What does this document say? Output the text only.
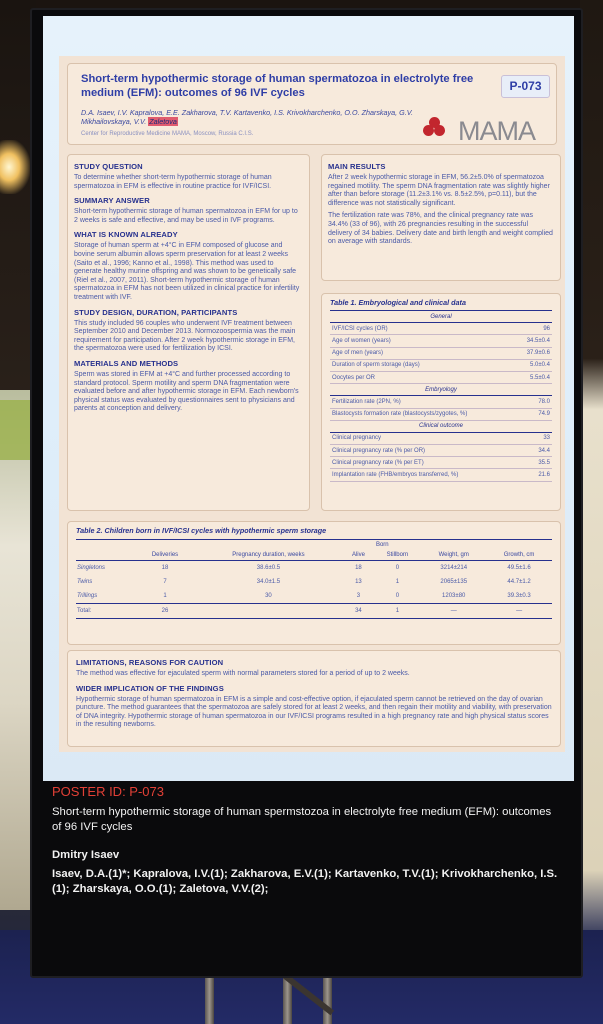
Short-term hypothermic storage of human spermatozoa in electrolyte free medium (EFM): outcomes of 96 IVF cycles
D.A. Isaev, I.V. Kapralova, E.E. Zakharova, T.V. Kartavenko, I.S. Krivokharchenko, O.O. Zharskaya, G.V. Mikhailovskaya, V.V. Zaletova
Center for Reproductive Medicine MAMA, Moscow, Russia C.I.S.
P-073
MAMA
STUDY QUESTION
To determine whether short-term hypothermic storage of human spermatozoa in EFM is effective in routine practice for IVF/ICSI.
SUMMARY ANSWER
Short-term hypothermic storage of human spermatozoa in EFM for up to 2 weeks is safe and effective, and may be used in IVF programs.
WHAT IS KNOWN ALREADY
Storage of human sperm at +4°C in EFM composed of glucose and bovine serum albumin allows sperm preservation for at least 2 weeks (Saito et al., 1996; Kanno et al., 1998). This method was used to generate healthy murine offspring and was shown to be genetically safe (Riel et al., 2007, 2011). Short-term hypothermic storage of human spermatozoa in EFM has not been utilized in clinical practice for infertility treatment with IVF.
STUDY DESIGN, DURATION, PARTICIPANTS
This study included 96 couples who underwent IVF treatment between September 2010 and December 2013. Normozoospermia was the main requirement for participation. After 2 week hypothermic storage in EFM, the spermatozoa were used for fertilization by ICSI.
MATERIALS AND METHODS
Sperm was stored in EFM at +4°C and further processed according to standard protocol. Sperm motility and sperm DNA fragmentation were evaluated before and after hypothermic storage in EFM. Each newborn's physical status was evaluated by questionnaires sent to physicians and parents at conception and delivery.
MAIN RESULTS
After 2 week hypothermic storage in EFM, 56.2±5.0% of spermatozoa regained motility. The sperm DNA fragmentation rate was slightly higher after than before storage (11.2±3.1% vs. 8.5±2.5%, p=0.11), but the difference was not statistically significant.
The fertilization rate was 78%, and the clinical pregnancy rate was 34.4% (33 of 96), with 26 pregnancies resulting in the successful delivery of 34 babies. Delivery date and birth length and weight complied on average with standards.
Table 1. Embryological and clinical data
General	
IVF/ICSI cycles (OR)	96
Age of women (years)	34.5±0.4
Age of men (years)	37.9±0.6
Duration of sperm storage (days)	5.0±0.4
Oocytes per OR	5.5±0.4
Embryology	
Fertilization rate (2PN, %)	78.0
Blastocysts formation rate (blastocysts/zygotes, %)	74.9
Clinical outcome	
Clinical pregnancy	33
Clinical pregnancy rate (% per OR)	34.4
Clinical pregnancy rate (% per ET)	35.5
Implantation rate (FHB/embryos transferred, %)	21.6
Table 2. Children born in IVF/ICSI cycles with hypothermic sperm storage
			Born			
	Deliveries	Pregnancy duration, weeks	Alive	Stillborn	Weight, gm	Growth, cm
Singletons	18	38.6±0.5	18	0	3214±214	49.5±1.6
Twins	7	34.0±1.5	13	1	2065±135	44.7±1.2
Trillings	1	30	3	0	1203±80	39.3±0.3
Total:	26		34	1	—	—
LIMITATIONS, REASONS FOR CAUTION
The method was effective for ejaculated sperm with normal parameters stored for a period of up to 2 weeks.
WIDER IMPLICATION OF THE FINDINGS
Hypothermic storage of human spermatozoa in EFM is a simple and cost-effective option, if ejaculated sperm cannot be retrieved on the day of ovarian puncture. The method guarantees that the spermatozoa are safely stored for at least 2 weeks, and then regain their motility and viability, with preservation of DNA integrity. Hypothermic storage of human spermatozoa in our IVF/ICSI programs resulted in a high pregnancy rate and high physical status scores in the resulting newborns.
POSTER ID: P-073
Short-term hypothermic storage of human spermstozoa in electrolyte free medium (EFM): outcomes of 96 IVF cycles
Dmitry Isaev
Isaev, D.A.(1)*; Kapralova, I.V.(1); Zakharova, E.V.(1); Kartavenko, T.V.(1); Krivokharchenko, I.S.(1); Zharskaya, O.O.(1); Zaletova, V.V.(2);
